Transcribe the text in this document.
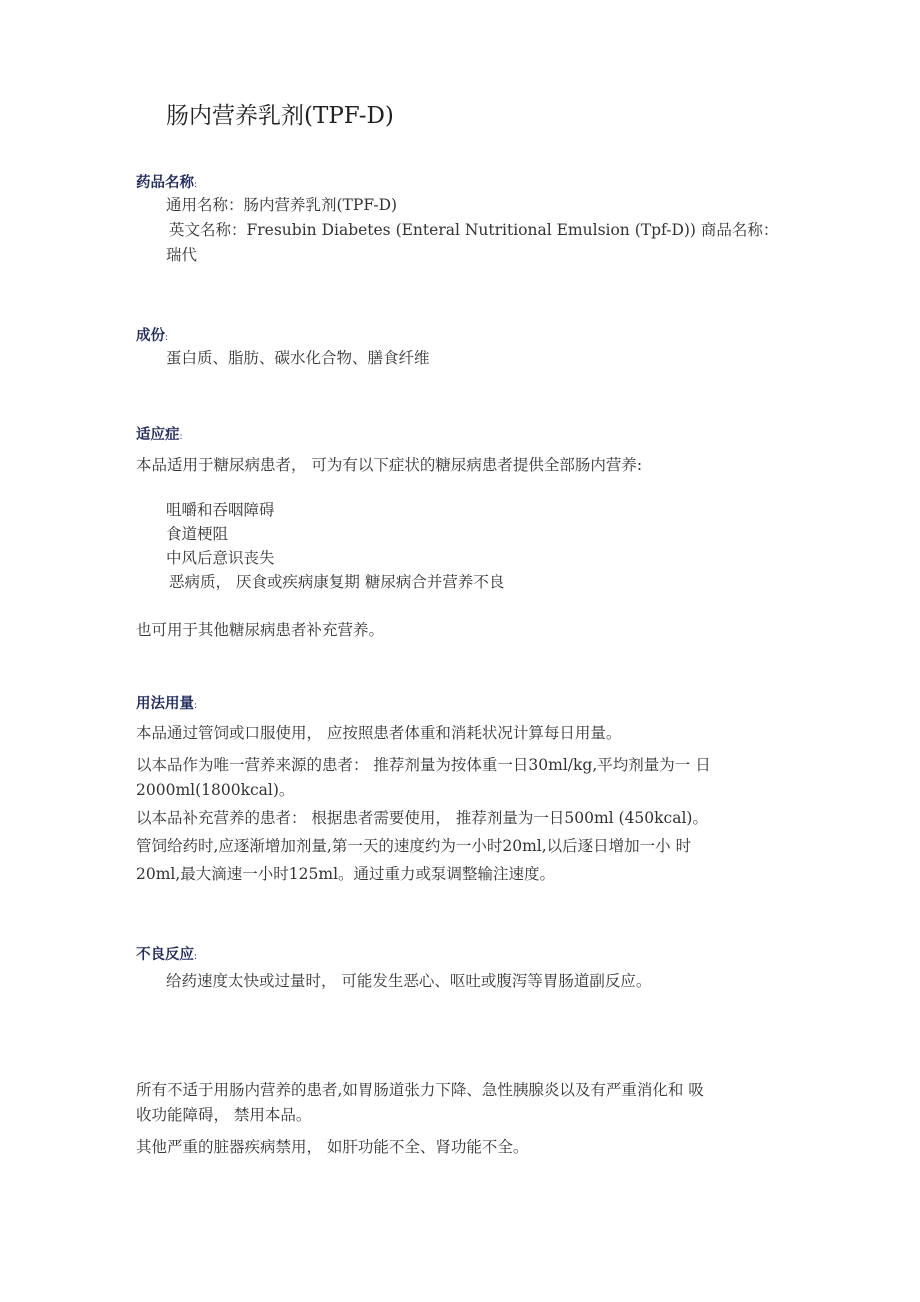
肠内营养乳剂(TPF-D)
药品名称:
通用名称：肠内营养乳剂(TPF-D)
英文名称：Fresubin Diabetes (Enteral Nutritional Emulsion (Tpf-D)) 商品名称：
瑞代
成份:
蛋白质、脂肪、碳水化合物、膳食纤维
适应症:
本品适用于糖尿病患者， 可为有以下症状的糖尿病患者提供全部肠内营养:
咀嚼和吞咽障碍
食道梗阻
中风后意识丧失
恶病质， 厌食或疾病康复期 糖尿病合并营养不良
也可用于其他糖尿病患者补充营养。
用法用量:
本品通过管饲或口服使用， 应按照患者体重和消耗状况计算每日用量。
以本品作为唯一营养来源的患者： 推荐剂量为按体重一日30ml/kg,平均剂量为一 日
2000ml(1800kcal)。
以本品补充营养的患者： 根据患者需要使用， 推荐剂量为一日500ml (450kcal)。
管饲给药时,应逐渐增加剂量,第一天的速度约为一小时20ml,以后逐日增加一小 时
20ml,最大滴速一小时125ml。通过重力或泵调整输注速度。
不良反应:
给药速度太快或过量时， 可能发生恶心、呕吐或腹泻等胃肠道副反应。
所有不适于用肠内营养的患者,如胃肠道张力下降、急性胰腺炎以及有严重消化和 吸
收功能障碍， 禁用本品。
其他严重的脏器疾病禁用， 如肝功能不全、肾功能不全。
